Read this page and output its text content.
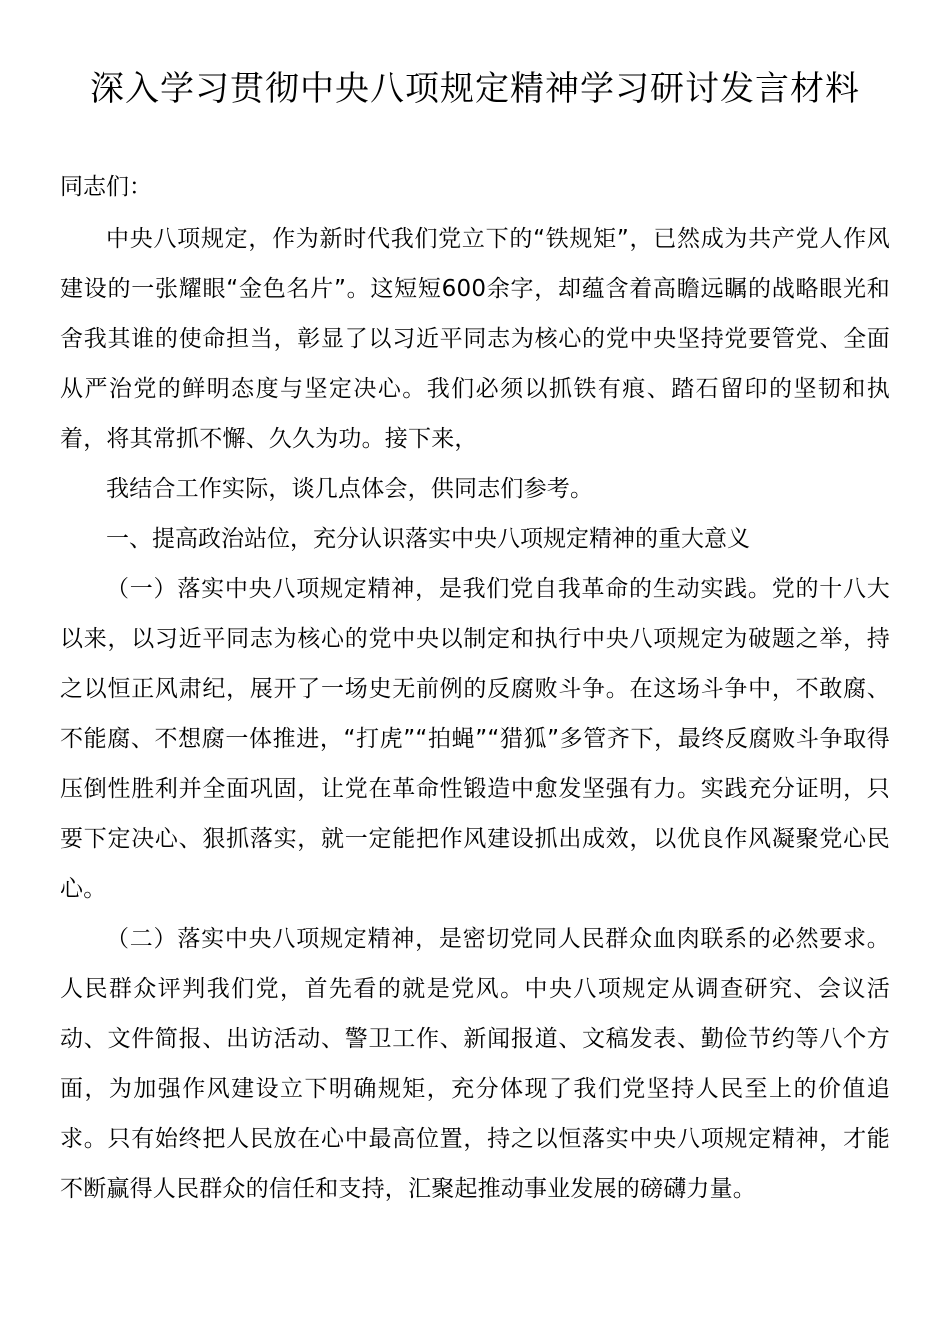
深入学习贯彻中央八项规定精神学习研讨发言材料

同志们：

中央八项规定，作为新时代我们党立下的“铁规矩”，已然成为共产党人作风建设的一张耀眼“金色名片”。这短短600余字，却蕴含着高瞻远瞩的战略眼光和舍我其谁的使命担当，彰显了以习近平同志为核心的党中央坚持党要管党、全面从严治党的鲜明态度与坚定决心。我们必须以抓铁有痕、踏石留印的坚韧和执着，将其常抓不懈、久久为功。接下来，

我结合工作实际，谈几点体会，供同志们参考。

一、提高政治站位，充分认识落实中央八项规定精神的重大意义

（一）落实中央八项规定精神，是我们党自我革命的生动实践。党的十八大以来，以习近平同志为核心的党中央以制定和执行中央八项规定为破题之举，持之以恒正风肃纪，展开了一场史无前例的反腐败斗争。在这场斗争中，不敢腐、不能腐、不想腐一体推进，“打虎”“拍蝇”“猎狐”多管齐下，最终反腐败斗争取得压倒性胜利并全面巩固，让党在革命性锻造中愈发坚强有力。实践充分证明，只要下定决心、狠抓落实，就一定能把作风建设抓出成效，以优良作风凝聚党心民心。

（二）落实中央八项规定精神，是密切党同人民群众血肉联系的必然要求。人民群众评判我们党，首先看的就是党风。中央八项规定从调查研究、会议活动、文件简报、出访活动、警卫工作、新闻报道、文稿发表、勤俭节约等八个方面，为加强作风建设立下明确规矩，充分体现了我们党坚持人民至上的价值追求。只有始终把人民放在心中最高位置，持之以恒落实中央八项规定精神，才能不断赢得人民群众的信任和支持，汇聚起推动事业发展的磅礴力量。
